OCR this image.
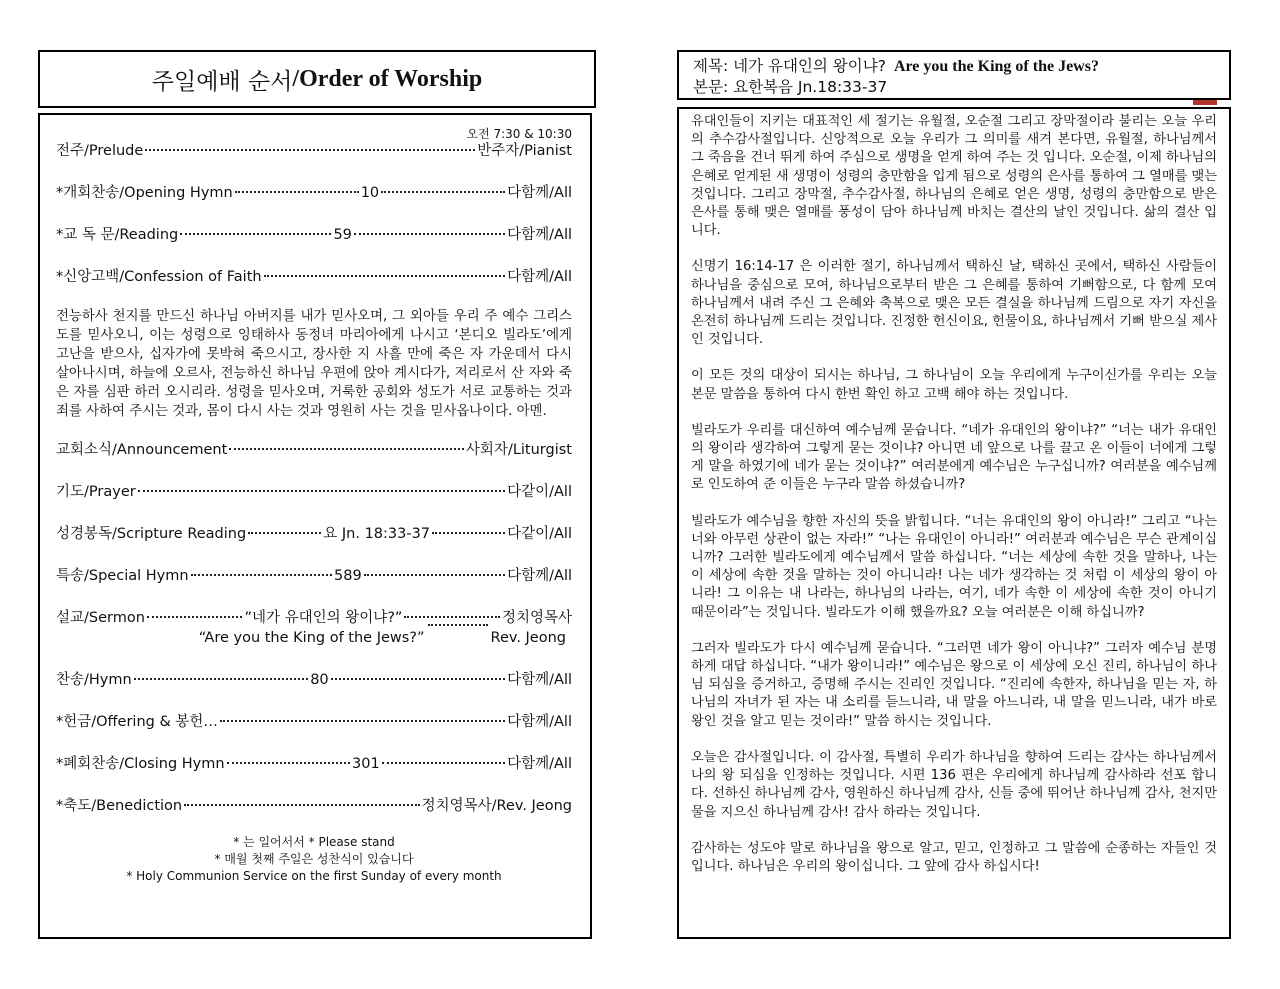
주일예배 순서 /Order of Worship
오전 7:30 & 10:30
전주/Prelude	반주자/Pianist
*개회찬송/Opening Hymn	10	다함께/All
*교 독 문/Reading	59	다함께/All
*신앙고백/Confession of Faith	다함께/All
전능하사 천지를 만드신 하나님 아버지를 내가 믿사오며, 그 외아들 우리 주 예수 그리스도를 믿사오니, 이는 성령으로 잉태하사 동정녀 마리아에게 나시고 ‘본디오 빌라도’에게 고난을 받으사, 십자가에 못박혀 죽으시고, 장사한 지 사흘 만에 죽은 자 가운데서 다시 살아나시며, 하늘에 오르사, 전능하신 하나님 우편에 앉아 계시다가, 저리로서 산 자와 죽은 자를 심판 하러 오시리라. 성령을 믿사오며, 거룩한 공회와 성도가 서로 교통하는 것과 죄를 사하여 주시는 것과, 몸이 다시 사는 것과 영원히 사는 것을 믿사옵나이다. 아멘.
교회소식/Announcement	사회자/Liturgist
기도/Prayer	다같이/All
성경봉독/Scripture Reading	요 Jn. 18:33-37	다같이/All
특송/Special Hymn	589	다함께/All
설교/Sermon	”네가 유대인의 왕이냐?”	정치영목사
“Are you the King of the Jews?”	Rev. Jeong
찬송/Hymn	80	다함께/All
*헌금/Offering & 봉헌…	다함께/All
*폐회찬송/Closing Hymn	301	다함께/All
*축도/Benediction	정치영목사/Rev. Jeong
* 는 일어서서 * Please stand
* 매월 첫째 주일은 성찬식이 있습니다
* Holy Communion Service on the first Sunday of every month
제목: 네가 유대인의 왕이냐? Are you the King of the Jews?
본문: 요한복음 Jn.18:33-37

유대인들이 지키는 대표적인 세 절기는 유월절, 오순절 그리고 장막절이라 불리는 오늘 우리의 추수감사절입니다. 신앙적으로 오늘 우리가 그 의미를 새겨 본다면, 유월절, 하나님께서 그 죽음을 건너 뛰게 하여 주심으로 생명을 얻게 하여 주는 것 입니다. 오순절, 이제 하나님의 은혜로 얻게된 새 생명이 성령의 충만함을 입게 됨으로 성령의 은사를 통하여 그 열매를 맺는 것입니다. 그리고 장막절, 추수감사절, 하나님의 은혜로 얻은 생명, 성령의 충만함으로 받은 은사를 통해 맺은 열매를 풍성이 담아 하나님께 바치는 결산의 날인 것입니다. 삶의 결산 입니다.

신명기 16:14-17 은 이러한 절기, 하나님께서 택하신 날, 택하신 곳에서, 택하신 사람들이 하나님을 중심으로 모여, 하나님으로부터 받은 그 은혜를 통하여 기뻐함으로, 다 함께 모여 하나님께서 내려 주신 그 은혜와 축복으로 맺은 모든 결실을 하나님께 드림으로 자기 자신을 온전히 하나님께 드리는 것입니다. 진정한 헌신이요, 헌물이요, 하나님께서 기뻐 받으실 제사인 것입니다.

이 모든 것의 대상이 되시는 하나님, 그 하나님이 오늘 우리에게 누구이신가를 우리는 오늘 본문 말씀을 통하여 다시 한번 확인 하고 고백 해야 하는 것입니다.

빌라도가 우리를 대신하여 예수님께 묻습니다. “네가 유대인의 왕이냐?” “너는 내가 유대인의 왕이라 생각하여 그렇게 묻는 것이냐? 아니면 네 앞으로 나를 끌고 온 이들이 너에게 그렇게 말을 하였기에 네가 묻는 것이냐?” 여러분에게 예수님은 누구십니까? 여러분을 예수님께로 인도하여 준 이들은 누구라 말씀 하셨습니까?

빌라도가 예수님을 향한 자신의 뜻을 밝힙니다. “너는 유대인의 왕이 아니라!” 그리고 “나는 너와 아무런 상관이 없는 자라!” “나는 유대인이 아니라!” 여러분과 예수님은 무슨 관계이십니까? 그러한 빌라도에게 예수님께서 말씀 하십니다. “너는 세상에 속한 것을 말하나, 나는 이 세상에 속한 것을 말하는 것이 아니니라! 나는 네가 생각하는 것 처럼 이 세상의 왕이 아니라! 그 이유는 내 나라는, 하나님의 나라는, 여기, 네가 속한 이 세상에 속한 것이 아니기 때문이라”는 것입니다. 빌라도가 이해 했을까요? 오늘 여러분은 이해 하십니까?

그러자 빌라도가 다시 예수님께 묻습니다. “그러면 네가 왕이 아니냐?” 그러자 예수님 분명하게 대답 하십니다. “내가 왕이니라!” 예수님은 왕으로 이 세상에 오신 진리, 하나님이 하나님 되심을 증거하고, 증명해 주시는 진리인 것입니다. “진리에 속한자, 하나님을 믿는 자, 하나님의 자녀가 된 자는 내 소리를 듣느니라, 내 말을 아느니라, 내 말을 믿느니라, 내가 바로 왕인 것을 알고 믿는 것이라!” 말씀 하시는 것입니다.

오늘은 감사절입니다. 이 감사절, 특별히 우리가 하나님을 향하여 드리는 감사는 하나님께서 나의 왕 되심을 인정하는 것입니다. 시편 136 편은 우리에게 하나님께 감사하라 선포 합니다. 선하신 하나님께 감사, 영원하신 하나님께 감사, 신들 중에 뛰어난 하나님께 감사, 천지만물을 지으신 하나님께 감사! 감사 하라는 것입니다.

감사하는 성도야 말로 하나님을 왕으로 알고, 믿고, 인정하고 그 말씀에 순종하는 자들인 것입니다. 하나님은 우리의 왕이십니다. 그 앞에 감사 하십시다!
